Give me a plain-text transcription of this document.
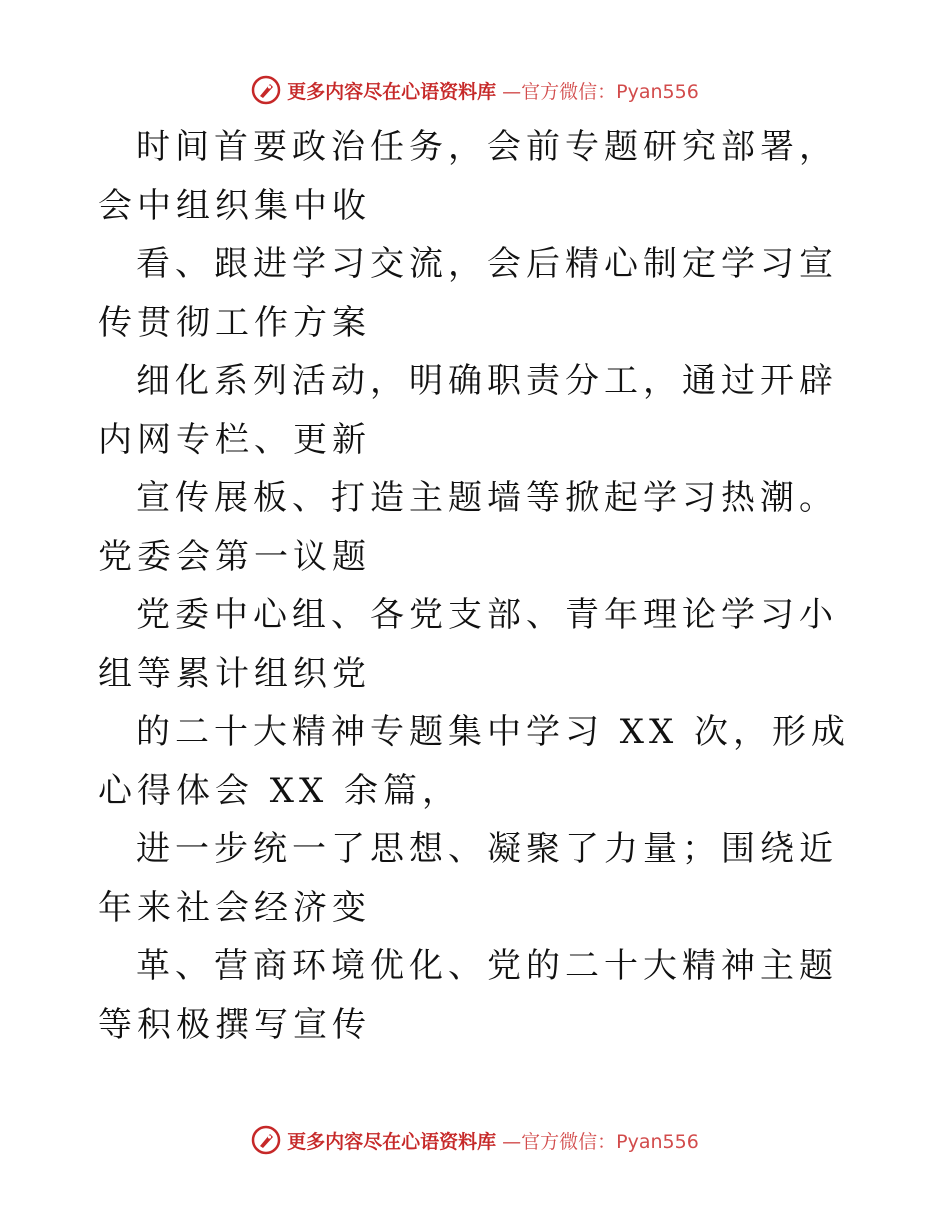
更多内容尽在心语资料库 —官方微信：Pyan556

时间首要政治任务，会前专题研究部署，会中组织集中收

看、跟进学习交流，会后精心制定学习宣传贯彻工作方案

细化系列活动，明确职责分工，通过开辟内网专栏、更新

宣传展板、打造主题墙等掀起学习热潮。党委会第一议题

党委中心组、各党支部、青年理论学习小组等累计组织党

的二十大精神专题集中学习 XX 次，形成心得体会 XX 余篇，

进一步统一了思想、凝聚了力量；围绕近年来社会经济变

革、营商环境优化、党的二十大精神主题等积极撰写宣传

更多内容尽在心语资料库 —官方微信：Pyan556
